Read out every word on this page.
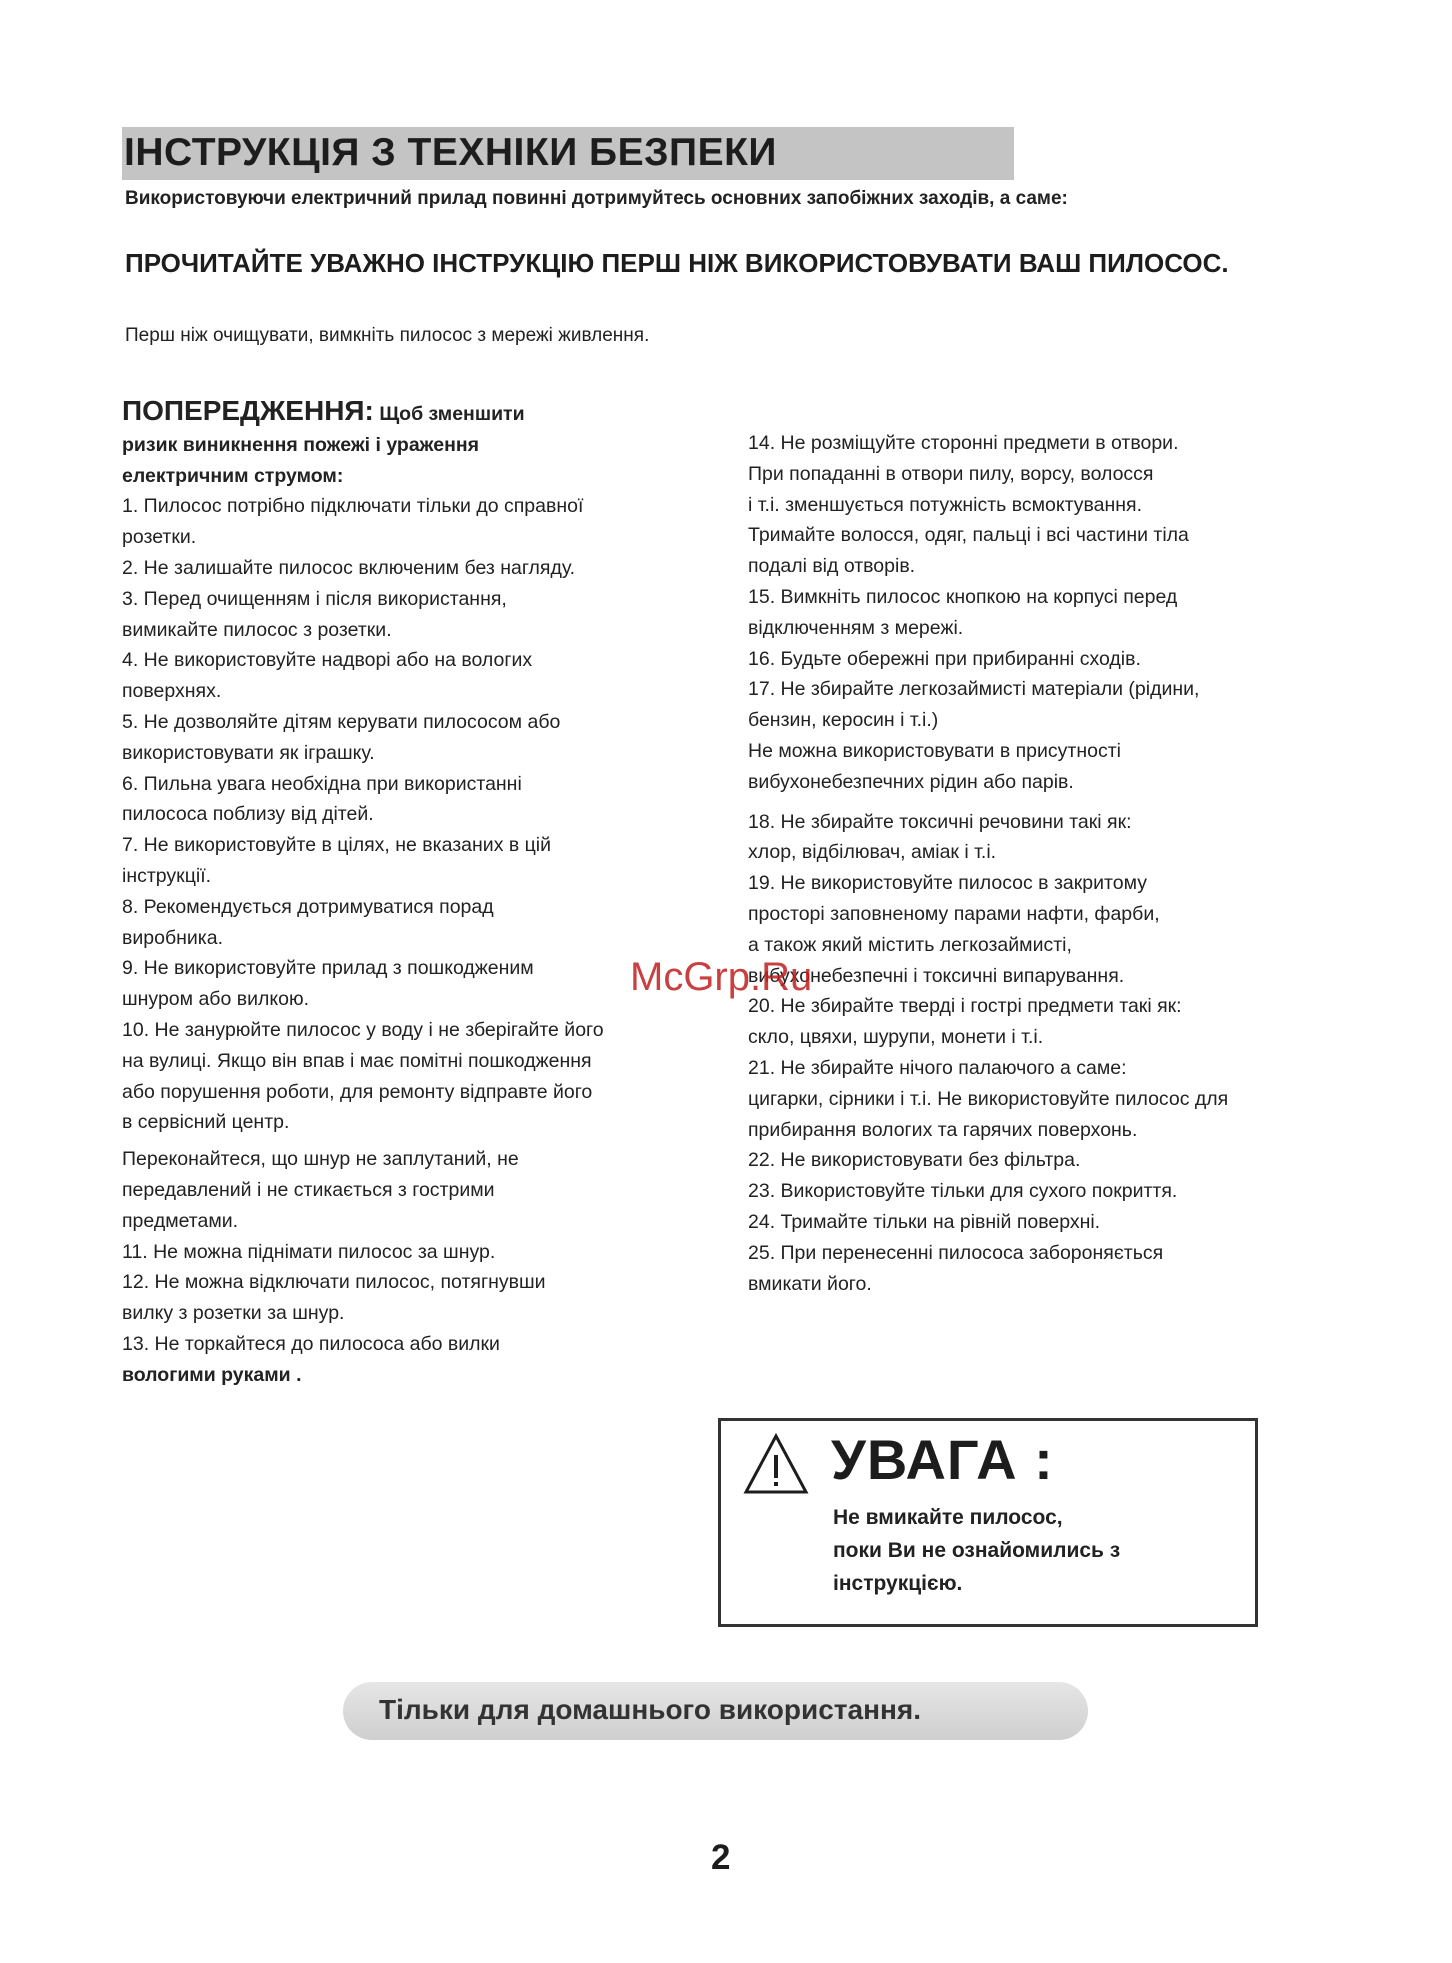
ІНСТРУКЦІЯ З ТЕХНІКИ БЕЗПЕКИ
Використовуючи електричний прилад повинні дотримуйтесь основних запобіжних заходів, а саме:
ПРОЧИТАЙТЕ УВАЖНО ІНСТРУКЦІЮ ПЕРШ НІЖ ВИКОРИСТОВУВАТИ ВАШ ПИЛОСОС.
Перш ніж очищувати, вимкніть пилосос з мережі живлення.
ПОПЕРЕДЖЕННЯ: Щоб зменшити
ризик виникнення пожежі і ураження
електричним струмом:
1. Пилосос потрібно підключати тільки до справної
розетки.
2. Не залишайте пилосос включеним без нагляду.
3. Перед очищенням і після використання,
вимикайте пилосос з розетки.
4. Не використовуйте надворі або на вологих
поверхнях.
5. Не дозволяйте дітям керувати пилососом або
використовувати як іграшку.
6. Пильна увага необхідна при використанні
пилососа поблизу від дітей.
7. Не використовуйте в цілях, не вказаних в цій
інструкції.
8. Рекомендується дотримуватися порад
виробника.
9. Не використовуйте прилад з пошкодженим
шнуром або вилкою.
10. Не занурюйте пилосос у воду і не зберігайте його
на вулиці. Якщо він впав і має помітні пошкодження
або порушення роботи, для ремонту відправте його
в сервісний центр.
Переконайтеся, що шнур не заплутаний, не
передавлений і не стикається з гострими
предметами.
11. Не можна піднімати пилосос за шнур.
12. Не можна відключати пилосос, потягнувши
вилку з розетки за шнур.
13. Не торкайтеся до пилососа або вилки
вологими руками .
14. Не розміщуйте сторонні предмети в отвори.
При попаданні в отвори пилу, ворсу, волосся
і т.і. зменшується потужність всмоктування.
Тримайте волосся, одяг, пальці і всі частини тіла
подалі від отворів.
15. Вимкніть пилосос кнопкою на корпусі перед
відключенням з мережі.
16. Будьте обережні при прибиранні сходів.
17. Не збирайте легкозаймисті матеріали (рідини,
бензин, керосин і т.і.)
Не можна використовувати в присутності
вибухонебезпечних рідин або парів.
18. Не збирайте токсичні речовини такі як:
хлор, відбілювач, аміак і т.і.
19. Не використовуйте пилосос в закритому
просторі заповненому парами нафти, фарби,
а також який містить легкозаймисті,
вибухонебезпечні і токсичні випарування.
20. Не збирайте тверді і гострі предмети такі як:
скло, цвяхи, шурупи, монети і т.і.
21. Не збирайте нічого палаючого а саме:
цигарки, сірники і т.і. Не використовуйте пилосос для
прибирання вологих та гарячих поверхонь.
22. Не використовувати без фільтра.
23. Використовуйте тільки для сухого покриття.
24. Тримайте тільки на рівній поверхні.
25. При перенесенні пилососа забороняється
вмикати його.
McGrp.Ru
УВАГА :
Не вмикайте пилосос,
поки Ви не ознайомились з
інструкцією.
Тільки для домашнього використання.
2
